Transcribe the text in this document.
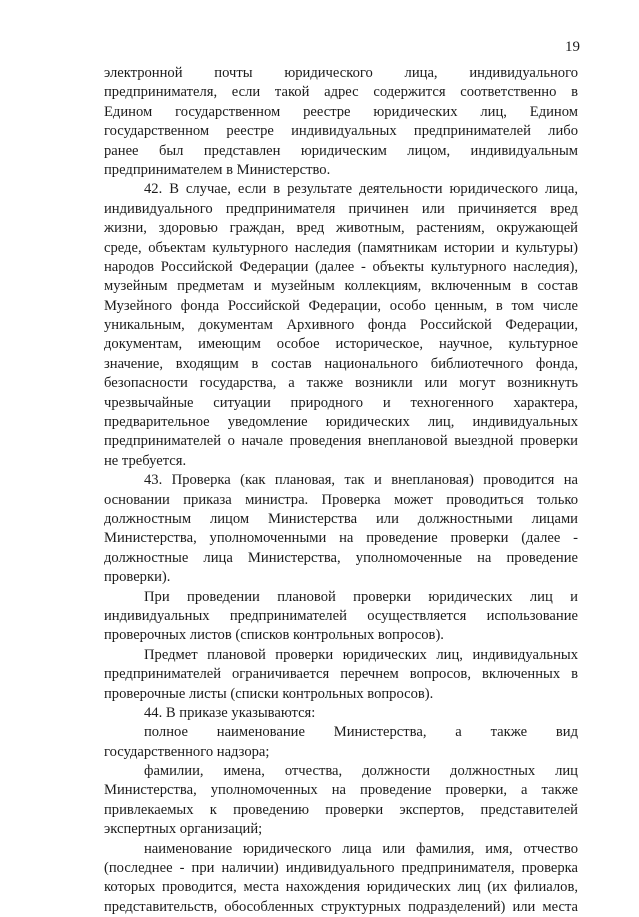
19
электронной почты юридического лица, индивидуального
предпринимателя, если такой адрес содержится соответственно в
Едином государственном реестре юридических лиц, Едином
государственном реестре индивидуальных предпринимателей либо
ранее был представлен юридическим лицом, индивидуальным
предпринимателем в Министерство.
42. В случае, если в результате деятельности юридического лица,
индивидуального предпринимателя причинен или причиняется вред
жизни, здоровью граждан, вред животным, растениям, окружающей
среде, объектам культурного наследия (памятникам истории и культуры)
народов Российской Федерации (далее - объекты культурного наследия),
музейным предметам и музейным коллекциям, включенным в состав
Музейного фонда Российской Федерации, особо ценным, в том числе
уникальным, документам Архивного фонда Российской Федерации,
документам, имеющим особое историческое, научное, культурное
значение, входящим в состав национального библиотечного фонда,
безопасности государства, а также возникли или могут возникнуть
чрезвычайные ситуации природного и техногенного характера,
предварительное уведомление юридических лиц, индивидуальных
предпринимателей о начале проведения внеплановой выездной проверки
не требуется.
43. Проверка (как плановая, так и внеплановая) проводится на
основании приказа министра. Проверка может проводиться только
должностным лицом Министерства или должностными лицами
Министерства, уполномоченными на проведение проверки (далее -
должностные лица Министерства, уполномоченные на проведение
проверки).
При проведении плановой проверки юридических лиц и
индивидуальных предпринимателей осуществляется использование
проверочных листов (списков контрольных вопросов).
Предмет плановой проверки юридических лиц, индивидуальных
предпринимателей ограничивается перечнем вопросов, включенных в
проверочные листы (списки контрольных вопросов).
44. В приказе указываются:
полное наименование Министерства, а также вид
государственного надзора;
фамилии, имена, отчества, должности должностных лиц
Министерства, уполномоченных на проведение проверки, а также
привлекаемых к проведению проверки экспертов, представителей
экспертных организаций;
наименование юридического лица или фамилия, имя, отчество
(последнее - при наличии) индивидуального предпринимателя, проверка
которых проводится, места нахождения юридических лиц (их филиалов,
представительств, обособленных структурных подразделений) или места
